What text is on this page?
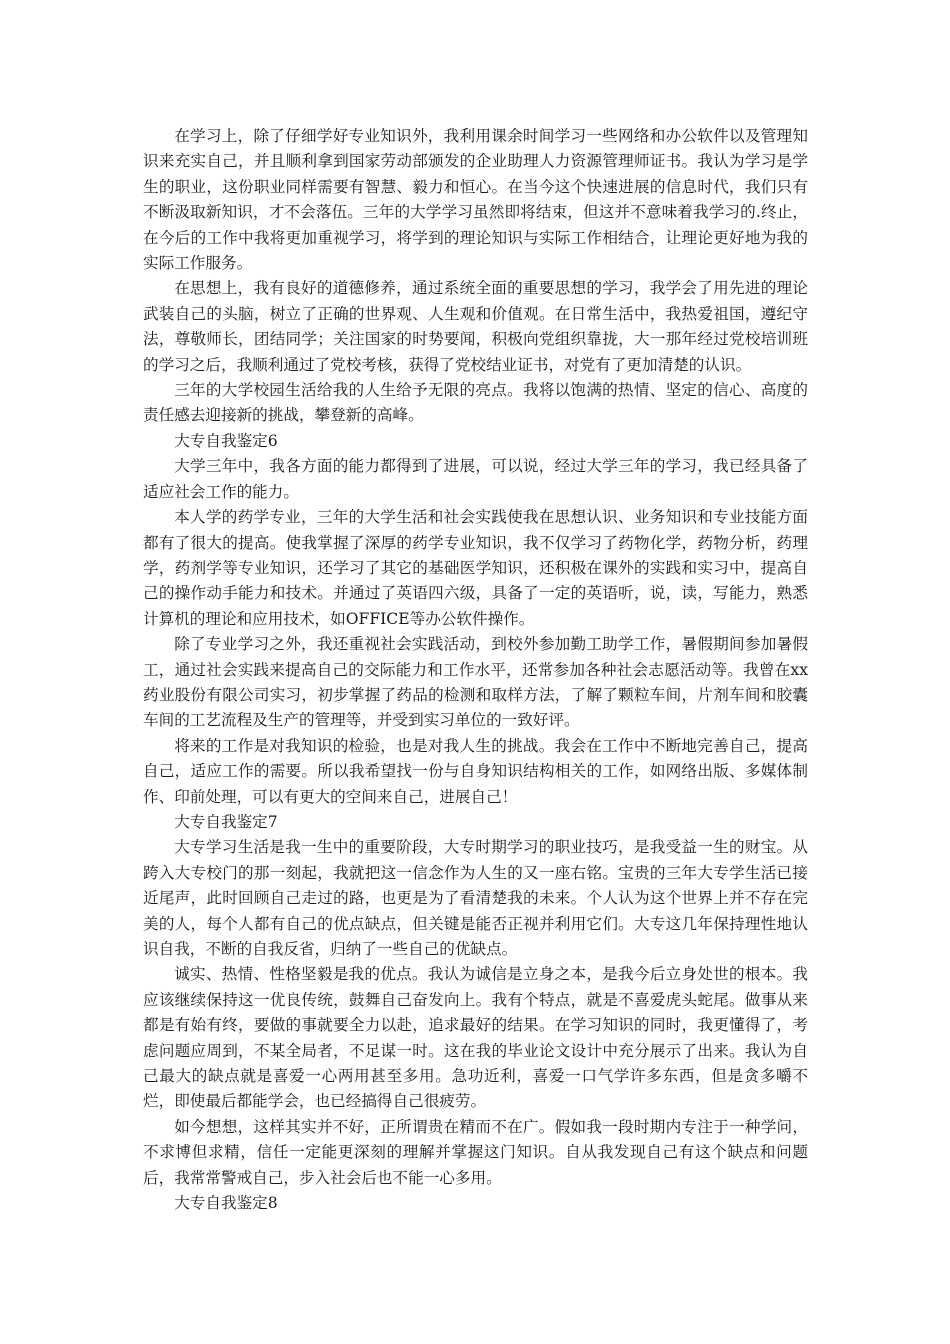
在学习上，除了仔细学好专业知识外，我利用课余时间学习一些网络和办公软件以及管理知识来充实自己，并且顺利拿到国家劳动部颁发的企业助理人力资源管理师证书。我认为学习是学生的职业，这份职业同样需要有智慧、毅力和恒心。在当今这个快速进展的信息时代，我们只有不断汲取新知识，才不会落伍。三年的大学学习虽然即将结束，但这并不意味着我学习的.终止，在今后的工作中我将更加重视学习，将学到的理论知识与实际工作相结合，让理论更好地为我的实际工作服务。

在思想上，我有良好的道德修养，通过系统全面的重要思想的学习，我学会了用先进的理论武装自己的头脑，树立了正确的世界观、人生观和价值观。在日常生活中，我热爱祖国，遵纪守法，尊敬师长，团结同学；关注国家的时势要闻，积极向党组织靠拢，大一那年经过党校培训班的学习之后，我顺利通过了党校考核，获得了党校结业证书，对党有了更加清楚的认识。

三年的大学校园生活给我的人生给予无限的亮点。我将以饱满的热情、坚定的信心、高度的责任感去迎接新的挑战，攀登新的高峰。

大专自我鉴定6

大学三年中，我各方面的能力都得到了进展，可以说，经过大学三年的学习，我已经具备了适应社会工作的能力。

本人学的药学专业，三年的大学生活和社会实践使我在思想认识、业务知识和专业技能方面都有了很大的提高。使我掌握了深厚的药学专业知识，我不仅学习了药物化学，药物分析，药理学，药剂学等专业知识，还学习了其它的基础医学知识，还积极在课外的实践和实习中，提高自己的操作动手能力和技术。并通过了英语四六级，具备了一定的英语听，说，读，写能力，熟悉计算机的理论和应用技术，如OFFICE等办公软件操作。

除了专业学习之外，我还重视社会实践活动，到校外参加勤工助学工作，暑假期间参加暑假工，通过社会实践来提高自己的交际能力和工作水平，还常参加各种社会志愿活动等。我曾在xx药业股份有限公司实习，初步掌握了药品的检测和取样方法，了解了颗粒车间，片剂车间和胶囊车间的工艺流程及生产的管理等，并受到实习单位的一致好评。

将来的工作是对我知识的检验，也是对我人生的挑战。我会在工作中不断地完善自己，提高自己，适应工作的需要。所以我希望找一份与自身知识结构相关的工作，如网络出版、多媒体制作、印前处理，可以有更大的空间来自己，进展自己！

大专自我鉴定7

大专学习生活是我一生中的重要阶段，大专时期学习的职业技巧，是我受益一生的财宝。从跨入大专校门的那一刻起，我就把这一信念作为人生的又一座右铭。宝贵的三年大专学生活已接近尾声，此时回顾自己走过的路，也更是为了看清楚我的未来。个人认为这个世界上并不存在完美的人，每个人都有自己的优点缺点，但关键是能否正视并利用它们。大专这几年保持理性地认识自我，不断的自我反省，归纳了一些自己的优缺点。

诚实、热情、性格坚毅是我的优点。我认为诚信是立身之本，是我今后立身处世的根本。我应该继续保持这一优良传统，鼓舞自己奋发向上。我有个特点，就是不喜爱虎头蛇尾。做事从来都是有始有终，要做的事就要全力以赴，追求最好的结果。在学习知识的同时，我更懂得了，考虑问题应周到，不某全局者，不足谋一时。这在我的毕业论文设计中充分展示了出来。我认为自己最大的缺点就是喜爱一心两用甚至多用。急功近利，喜爱一口气学许多东西，但是贪多嚼不烂，即使最后都能学会，也已经搞得自己很疲劳。

如今想想，这样其实并不好，正所谓贵在精而不在广。假如我一段时期内专注于一种学问，不求博但求精，信任一定能更深刻的理解并掌握这门知识。自从我发现自己有这个缺点和问题后，我常常警戒自己，步入社会后也不能一心多用。

大专自我鉴定8
